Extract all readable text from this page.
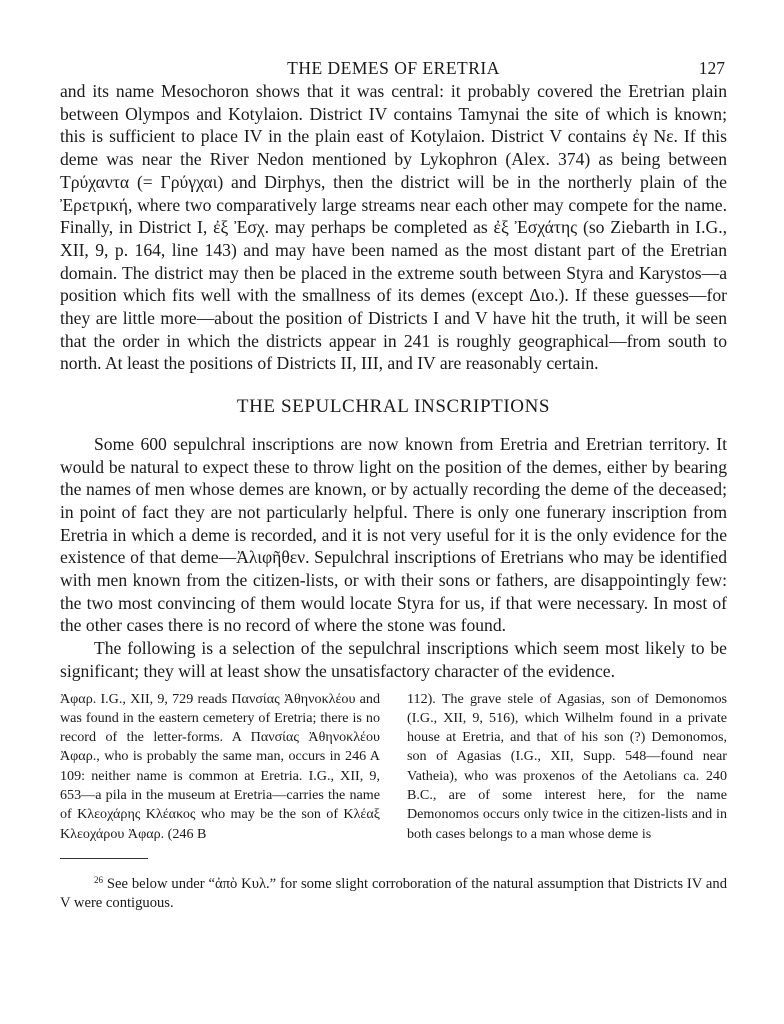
THE DEMES OF ERETRIA	127

and its name Mesochoron shows that it was central: it probably covered the Eretrian plain between Olympos and Kotylaion. District IV contains Tamynai the site of which is known; this is sufficient to place IV in the plain east of Kotylaion. District V contains ἐγ Νε. If this deme was near the River Nedon mentioned by Lykophron (Alex. 374) as being between Τρύχαντα (= Γρύγχαι) and Dirphys, then the district will be in the northerly plain of the Ἐρετρική, where two comparatively large streams near each other may compete for the name. Finally, in District I, ἐξ Ἐσχ. may perhaps be completed as ἐξ Ἐσχάτης (so Ziebarth in I.G., XII, 9, p. 164, line 143) and may have been named as the most distant part of the Eretrian domain. The district may then be placed in the extreme south between Styra and Karystos—a position which fits well with the smallness of its demes (except Διο.). If these guesses—for they are little more—about the position of Districts I and V have hit the truth, it will be seen that the order in which the districts appear in 241 is roughly geographical—from south to north. At least the positions of Districts II, III, and IV are reasonably certain.

THE SEPULCHRAL INSCRIPTIONS

Some 600 sepulchral inscriptions are now known from Eretria and Eretrian territory. It would be natural to expect these to throw light on the position of the demes, either by bearing the names of men whose demes are known, or by actually recording the deme of the deceased; in point of fact they are not particularly helpful. There is only one funerary inscription from Eretria in which a deme is recorded, and it is not very useful for it is the only evidence for the existence of that deme—Ἀλιφῆθεν. Sepulchral inscriptions of Eretrians who may be identified with men known from the citizen-lists, or with their sons or fathers, are disappointingly few: the two most convincing of them would locate Styra for us, if that were necessary. In most of the other cases there is no record of where the stone was found.

The following is a selection of the sepulchral inscriptions which seem most likely to be significant; they will at least show the unsatisfactory character of the evidence.

Ἀφαρ. I.G., XII, 9, 729 reads Πανσίας Ἀθηνοκλέου and was found in the eastern cemetery of Eretria; there is no record of the letter-forms. A Πανσίας Ἀθηνοκλέου Ἀφαρ., who is probably the same man, occurs in 246 A 109: neither name is common at Eretria. I.G., XII, 9, 653—a pila in the museum at Eretria—carries the name of Κλεοχάρης Κλέακος who may be the son of Κλέαξ Κλεοχάρου Ἀφαρ. (246 B
112). The grave stele of Agasias, son of Demonomos (I.G., XII, 9, 516), which Wilhelm found in a private house at Eretria, and that of his son (?) Demonomos, son of Agasias (I.G., XII, Supp. 548—found near Vatheia), who was proxenos of the Aetolians ca. 240 B.C., are of some interest here, for the name Demonomos occurs only twice in the citizen-lists and in both cases belongs to a man whose deme is
$^{26}$ See below under “ἀπὸ Κυλ.” for some slight corroboration of the natural assumption that Districts IV and V were contiguous.
